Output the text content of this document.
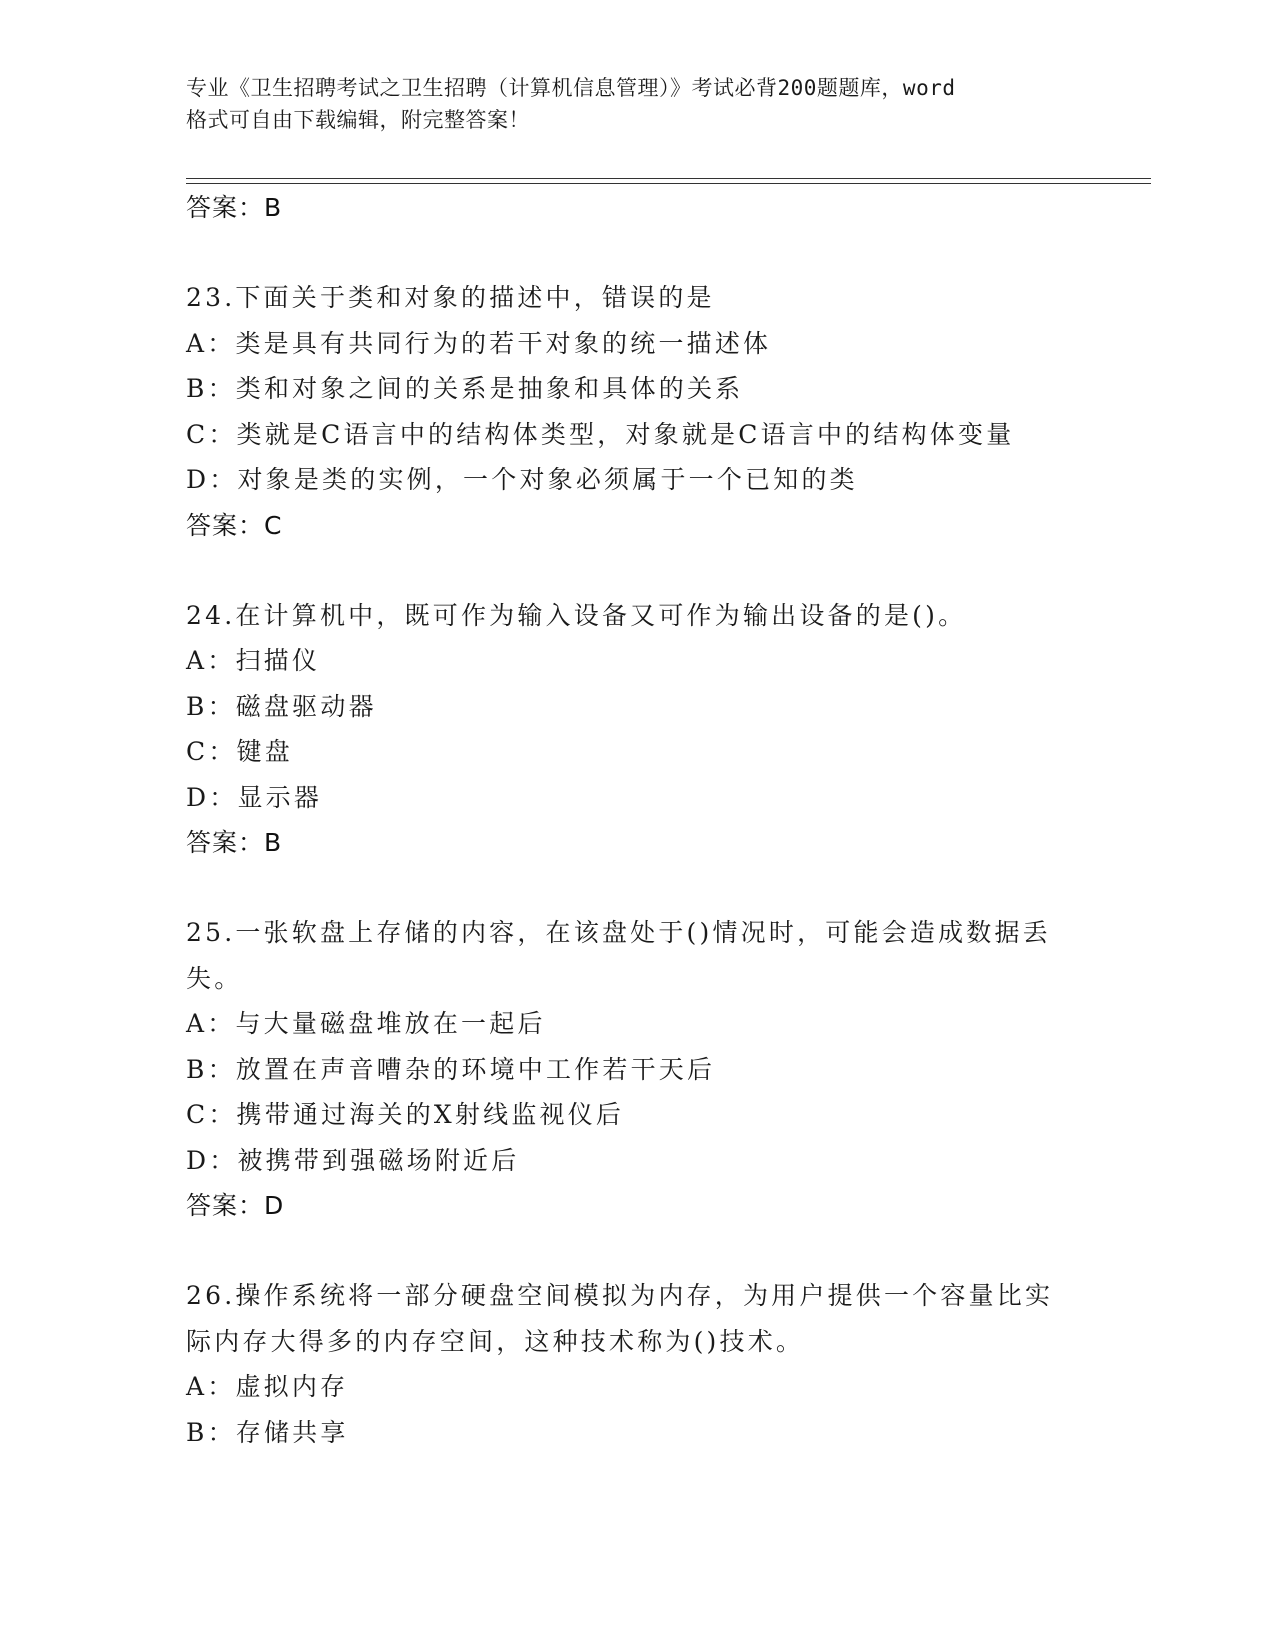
专业《卫生招聘考试之卫生招聘（计算机信息管理）》考试必背200题题库，word
格式可自由下载编辑，附完整答案！
答案：B
23.下面关于类和对象的描述中，错误的是
A：类是具有共同行为的若干对象的统一描述体
B：类和对象之间的关系是抽象和具体的关系
C：类就是C语言中的结构体类型，对象就是C语言中的结构体变量
D：对象是类的实例，一个对象必须属于一个已知的类
答案：C
24.在计算机中，既可作为输入设备又可作为输出设备的是()。
A：扫描仪
B：磁盘驱动器
C：键盘
D：显示器
答案：B
25.一张软盘上存储的内容，在该盘处于()情况时，可能会造成数据丢
失。
A：与大量磁盘堆放在一起后
B：放置在声音嘈杂的环境中工作若干天后
C：携带通过海关的X射线监视仪后
D：被携带到强磁场附近后
答案：D
26.操作系统将一部分硬盘空间模拟为内存，为用户提供一个容量比实
际内存大得多的内存空间，这种技术称为()技术。
A：虚拟内存
B：存储共享
